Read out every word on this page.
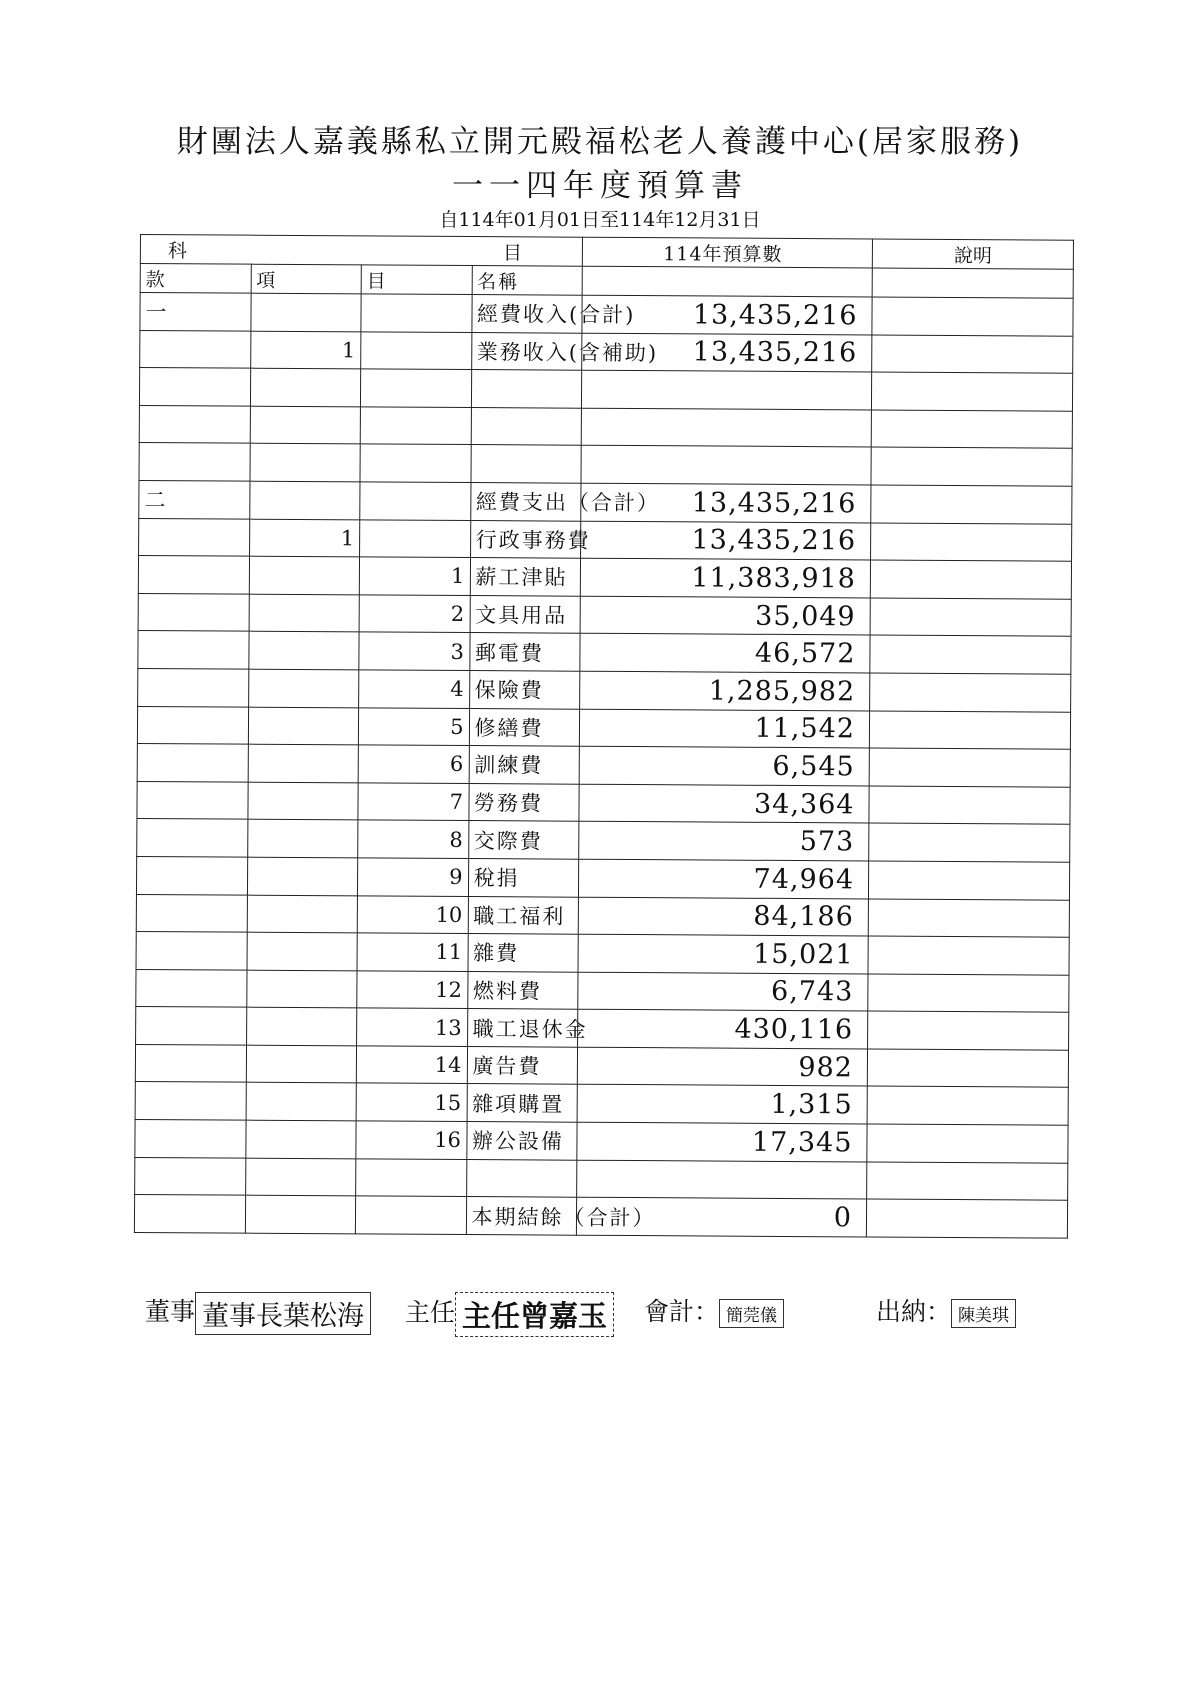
財團法人嘉義縣私立開元殿福松老人養護中心(居家服務)
一一四年度預算書
自114年01月01日至114年12月31日
科 目				114年預算數	說明
款	項	目	名稱		
一			經費收入(合計)	13,435,216	
	1		業務收入(含補助)	13,435,216	

二			經費支出（合計）	13,435,216	
	1		行政事務費	13,435,216	
		1	薪工津貼	11,383,918	
		2	文具用品	35,049	
		3	郵電費	46,572	
		4	保險費	1,285,982	
		5	修繕費	11,542	
		6	訓練費	6,545	
		7	勞務費	34,364	
		8	交際費	573	
		9	稅捐	74,964	
		10	職工福利	84,186	
		11	雜費	15,021	
		12	燃料費	6,743	
		13	職工退休金	430,116	
		14	廣告費	982	
		15	雜項購置	1,315	
		16	辦公設備	17,345	

			本期結餘（合計）	0	
董事 董事長葉松海 主任 主任曾嘉玉 會計： 簡莞儀	出納： 陳美琪
